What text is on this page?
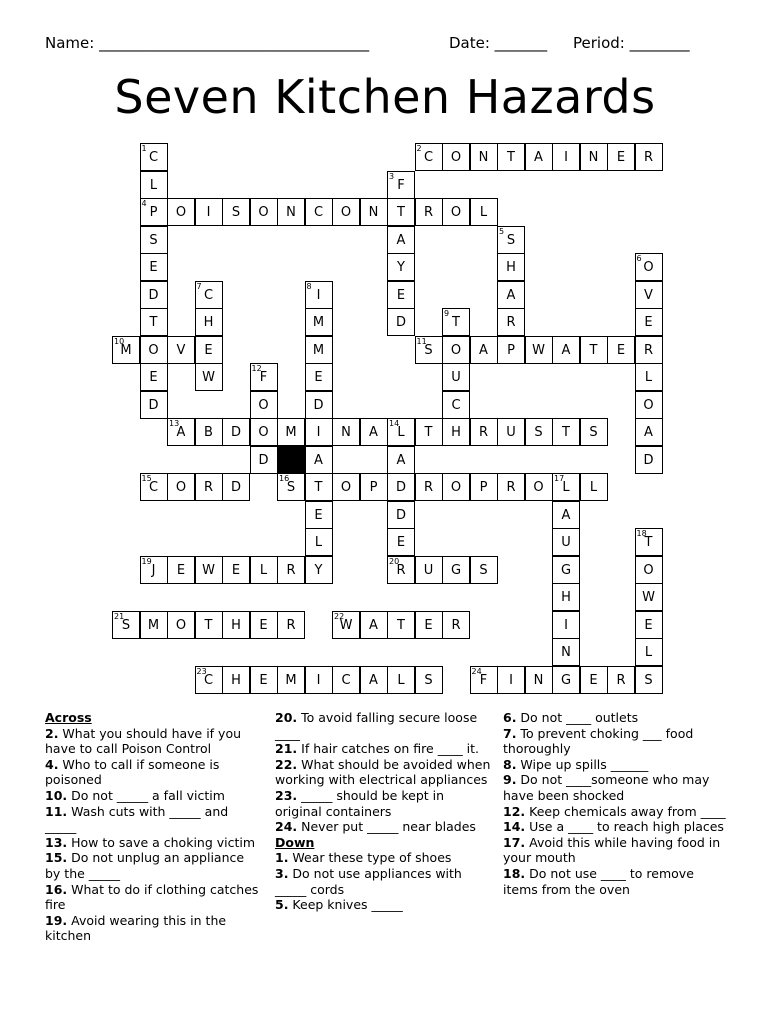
Name: ____________________________________	Date: _______ Period: ________
Seven Kitchen Hazards
2
C	O	N	T	A	I	N	E	R
4
P	O	I	S	O	N	C	O	N	T	R	O	L
10
M	O	V	E
11
S	O	A	P	W	A	T	E	R
13
A	B	D	O	M	I	N	A
14
L	T	H	R	U	S	T	S
15
C	O	R	D
16
S	T	O	P	D	R	O	P	R	O
17
L	L
19
J	E	W	E	L	R	Y
20
R	U	G	S
21
S	M	O	T	H	E	R
22
W	A	T	E	R
23
C	H	E	M	I	C	A	L	S
24
F	I	N	G	E	R	S
1
C
L
S
E
D
T
E
D
3
F
A
Y
E
D
5
S
H
A
R
6
O
V
E
L
O
A
D
7
C
H
W
8
I
M
M
E
D
A
E
L
9
T
U
C
12
F
O
D	A
D
E
A
U
G
H
I
N
18
T
O
W
E
L
Across
2. What you should have if you have to call Poison Control
4. Who to call if someone is poisoned
10. Do not _____ a fall victim
11. Wash cuts with _____ and _____
13. How to save a choking victim
15. Do not unplug an appliance by the _____
16. What to do if clothing catches fire
19. Avoid wearing this in the kitchen
20. To avoid falling secure loose ____
21. If hair catches on fire ____ it.
22. What should be avoided when working with electrical appliances
23. _____ should be kept in original containers
24. Never put _____ near blades
Down
1. Wear these type of shoes
3. Do not use appliances with _____ cords
5. Keep knives _____
6. Do not ____ outlets
7. To prevent choking ___ food thoroughly
8. Wipe up spills ______
9. Do not ____someone who may have been shocked
12. Keep chemicals away from ____
14. Use a ____ to reach high places
17. Avoid this while having food in your mouth
18. Do not use ____ to remove items from the oven
